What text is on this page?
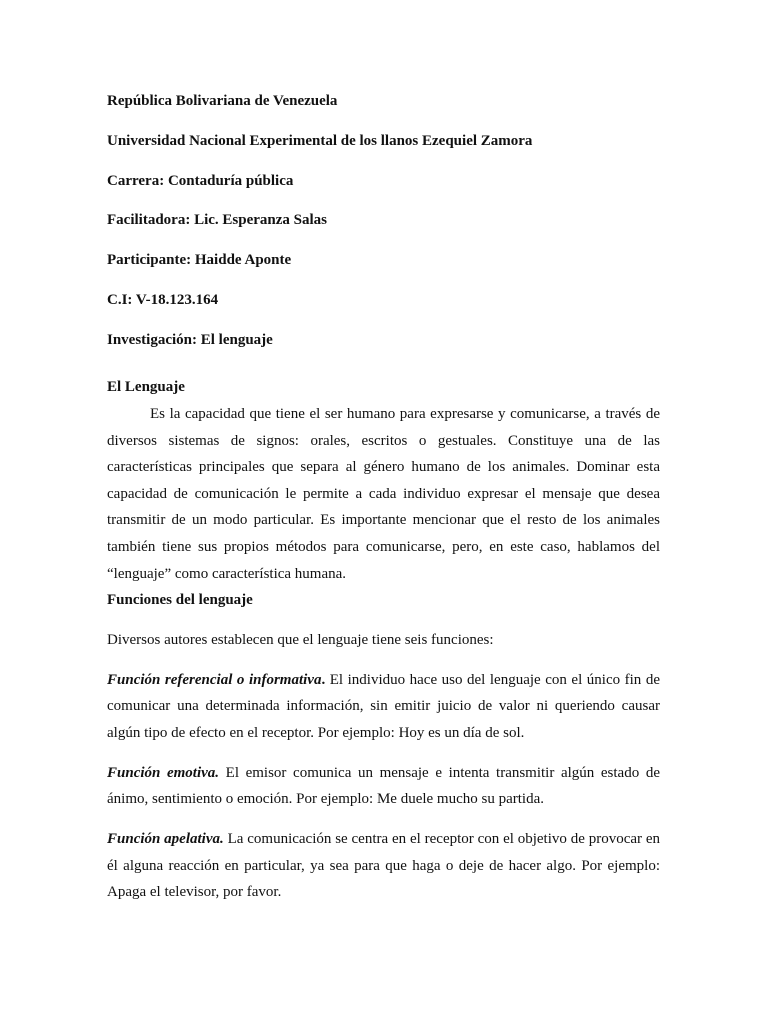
República Bolivariana de Venezuela
Universidad Nacional Experimental de los llanos Ezequiel Zamora
Carrera: Contaduría pública
Facilitadora: Lic. Esperanza Salas
Participante: Haidde Aponte
C.I: V-18.123.164
Investigación: El lenguaje
El Lenguaje

Es la capacidad que tiene el ser humano para expresarse y comunicarse, a través de diversos sistemas de signos: orales, escritos o gestuales. Constituye una de las características principales que separa al género humano de los animales. Dominar esta capacidad de comunicación le permite a cada individuo expresar el mensaje que desea transmitir de un modo particular. Es importante mencionar que el resto de los animales también tiene sus propios métodos para comunicarse, pero, en este caso, hablamos del “lenguaje” como característica humana.

Funciones del lenguaje

Diversos autores establecen que el lenguaje tiene seis funciones:

Función referencial o informativa. El individuo hace uso del lenguaje con el único fin de comunicar una determinada información, sin emitir juicio de valor ni queriendo causar algún tipo de efecto en el receptor. Por ejemplo: Hoy es un día de sol.

Función emotiva. El emisor comunica un mensaje e intenta transmitir algún estado de ánimo, sentimiento o emoción. Por ejemplo: Me duele mucho su partida.

Función apelativa. La comunicación se centra en el receptor con el objetivo de provocar en él alguna reacción en particular, ya sea para que haga o deje de hacer algo. Por ejemplo: Apaga el televisor, por favor.
